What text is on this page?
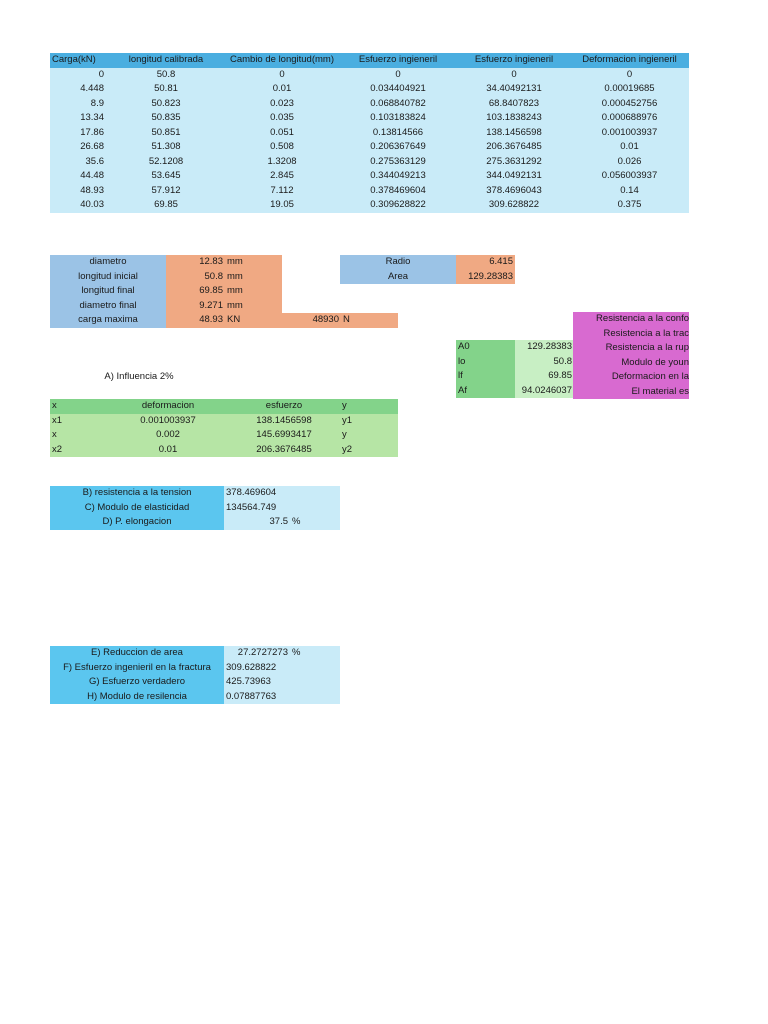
Carga(kN)	longitud calibrada	Cambio de longitud(mm)	Esfuerzo ingieneril	Esfuerzo ingieneril	Deformacion ingieneril
0	50.8	0	0	0	0
4.448	50.81	0.01	0.034404921	34.40492131	0.00019685
8.9	50.823	0.023	0.068840782	68.8407823	0.000452756
13.34	50.835	0.035	0.103183824	103.1838243	0.000688976
17.86	50.851	0.051	0.13814566	138.1456598	0.001003937
26.68	51.308	0.508	0.206367649	206.3676485	0.01
35.6	52.1208	1.3208	0.275363129	275.3631292	0.026
44.48	53.645	2.845	0.344049213	344.0492131	0.056003937
48.93	57.912	7.112	0.378469604	378.4696043	0.14
40.03	69.85	19.05	0.309628822	309.628822	0.375
diametro	12.83 mm
longitud inicial	50.8 mm
longitud final	69.85 mm
diametro final	9.271 mm
carga maxima	48.93 KN	48930 N
Radio	6.415
Area	129.28383
A0	129.28383
lo	50.8
lf	69.85
Af	94.0246037
Resistencia a la confo
Resistencia a la trac
Resistencia a la rup
Modulo de youn
Deformacion en la
El material es
A) Influencia 2%
x	deformacion	esfuerzo	y
x1	0.001003937	138.1456598	y1
x	0.002	145.6993417	y
x2	0.01	206.3676485	y2
B) resistencia a la tension	378.469604
C) Modulo de elasticidad	134564.749
D) P. elongacion	37.5 %
E) Reduccion de area	27.2727273 %
F) Esfuerzo ingenieril en la fractura	309.628822
G) Esfuerzo verdadero	425.73963
H) Modulo de resilencia	0.07887763
